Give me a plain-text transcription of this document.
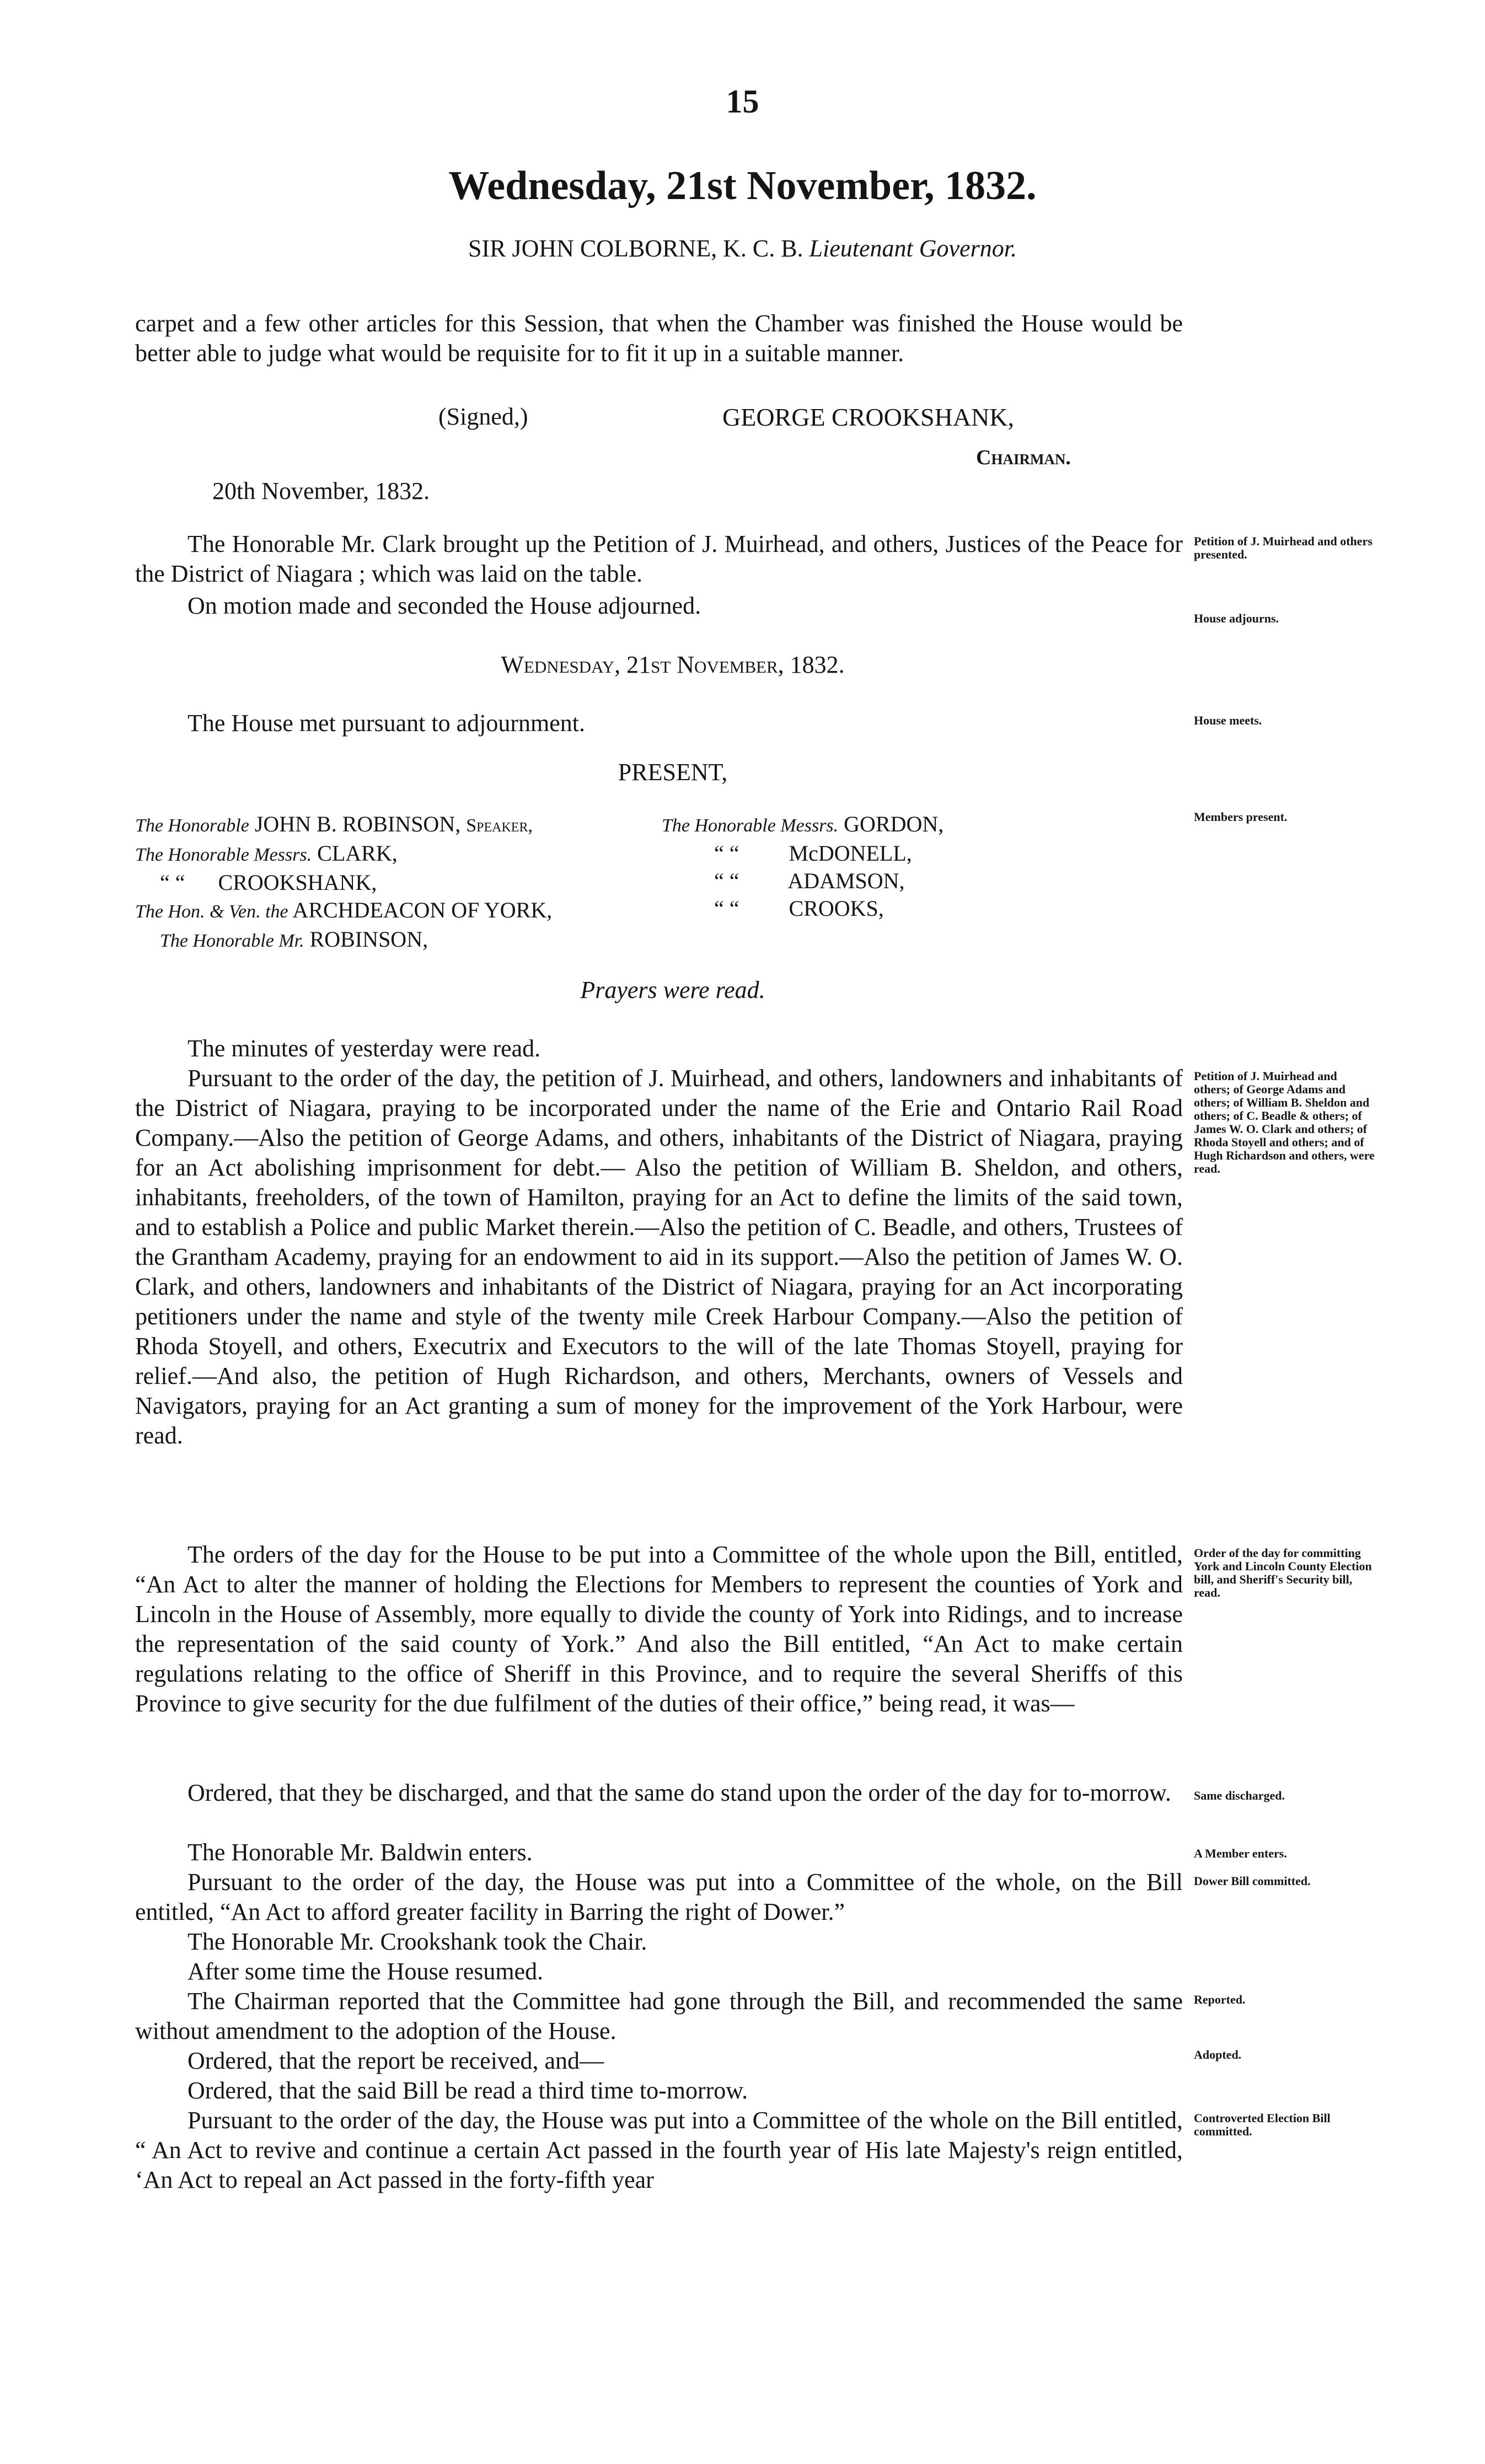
15
Wednesday, 21st November, 1832.
SIR JOHN COLBORNE, K. C. B. Lieutenant Governor.
carpet and a few other articles for this Session, that when the Chamber was finished the House would be better able to judge what would be requisite for to fit it up in a suitable manner.
(Signed,)	GEORGE CROOKSHANK,
Chairman.
20th November, 1832.
The Honorable Mr. Clark brought up the Petition of J. Muirhead, and others, Justices of the Peace for the District of Niagara ; which was laid on the table.
On motion made and seconded the House adjourned.
Wednesday, 21st November, 1832.
The House met pursuant to adjournment.
PRESENT,
The Honorable JOHN B. ROBINSON, Speaker,
The Honorable Messrs. CLARK,
“ “ CROOKSHANK,
The Hon. & Ven. the ARCHDEACON OF YORK,
The Honorable Mr. ROBINSON,
The Honorable Messrs. GORDON,
“ “ McDONELL,
“ “ ADAMSON,
“ “ CROOKS,
Prayers were read.
The minutes of yesterday were read.
Pursuant to the order of the day, the petition of J. Muirhead, and others, landowners and inhabitants of the District of Niagara, praying to be incorporated under the name of the Erie and Ontario Rail Road Company.—Also the petition of George Adams, and others, inhabitants of the District of Niagara, praying for an Act abolishing imprisonment for debt.— Also the petition of William B. Sheldon, and others, inhabitants, freeholders, of the town of Hamilton, praying for an Act to define the limits of the said town, and to establish a Police and public Market therein.—Also the petition of C. Beadle, and others, Trustees of the Grantham Academy, praying for an endowment to aid in its support.—Also the petition of James W. O. Clark, and others, landowners and inhabitants of the District of Niagara, praying for an Act incorporating petitioners under the name and style of the twenty mile Creek Harbour Company.—Also the petition of Rhoda Stoyell, and others, Executrix and Executors to the will of the late Thomas Stoyell, praying for relief.—And also, the petition of Hugh Richardson, and others, Merchants, owners of Vessels and Navigators, praying for an Act granting a sum of money for the improvement of the York Harbour, were read.
The orders of the day for the House to be put into a Committee of the whole upon the Bill, entitled, “An Act to alter the manner of holding the Elections for Members to represent the counties of York and Lincoln in the House of Assembly, more equally to divide the county of York into Ridings, and to increase the representation of the said county of York.” And also the Bill entitled, “An Act to make certain regulations relating to the office of Sheriff in this Province, and to require the several Sheriffs of this Province to give security for the due fulfilment of the duties of their office,” being read, it was—
Ordered, that they be discharged, and that the same do stand upon the order of the day for to-morrow.
The Honorable Mr. Baldwin enters.
Pursuant to the order of the day, the House was put into a Committee of the whole, on the Bill entitled, “An Act to afford greater facility in Barring the right of Dower.”
The Honorable Mr. Crookshank took the Chair.
After some time the House resumed.
The Chairman reported that the Committee had gone through the Bill, and recommended the same without amendment to the adoption of the House.
Ordered, that the report be received, and—
Ordered, that the said Bill be read a third time to-morrow.
Pursuant to the order of the day, the House was put into a Committee of the whole on the Bill entitled, “ An Act to revive and continue a certain Act passed in the fourth year of His late Majesty's reign entitled, ‘An Act to repeal an Act passed in the forty-fifth year
Petition of J. Muirhead and others presented.
House adjourns.
House meets.
Members present.
Petition of J. Muirhead and others; of George Adams and others; of William B. Sheldon and others; of C. Beadle & others; of James W. O. Clark and others; of Rhoda Stoyell and others; and of Hugh Richardson and others, were read.
Order of the day for committing York and Lincoln County Election bill, and Sheriff's Security bill, read.
Same discharged.
A Member enters.
Dower Bill committed.
Reported.
Adopted.
Controverted Election Bill committed.
